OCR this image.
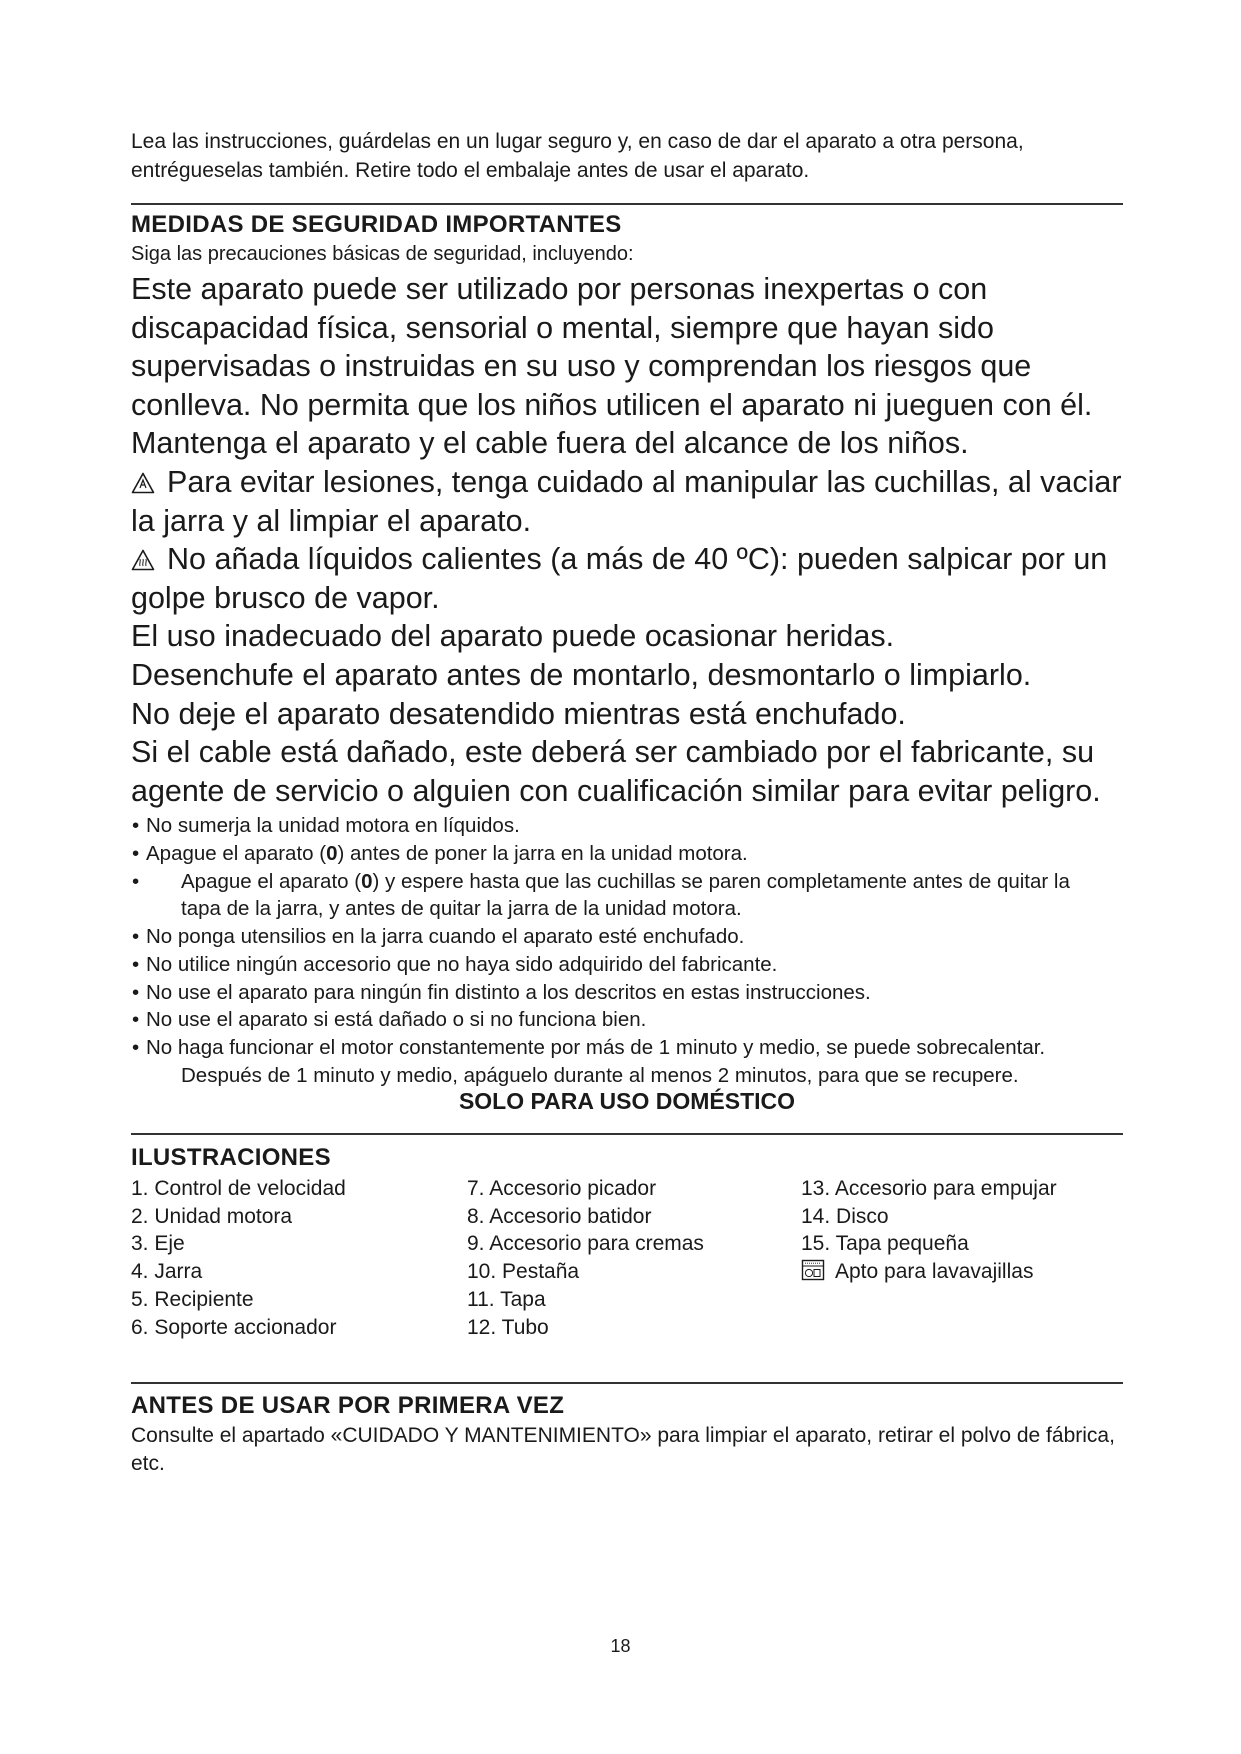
Lea las instrucciones, guárdelas en un lugar seguro y, en caso de dar el aparato a otra persona,
entrégueselas también. Retire todo el embalaje antes de usar el aparato.
MEDIDAS DE SEGURIDAD IMPORTANTES
Siga las precauciones básicas de seguridad, incluyendo:

Este aparato puede ser utilizado por personas inexpertas o con discapacidad física, sensorial o mental, siempre que hayan sido supervisadas o instruidas en su uso y comprendan los riesgos que conlleva. No permita que los niños utilicen el aparato ni jueguen con él. Mantenga el aparato y el cable fuera del alcance de los niños.

Para evitar lesiones, tenga cuidado al manipular las cuchillas, al vaciar la jarra y al limpiar el aparato.

No añada líquidos calientes (a más de 40 ºC): pueden salpicar por un golpe brusco de vapor.

El uso inadecuado del aparato puede ocasionar heridas.

Desenchufe el aparato antes de montarlo, desmontarlo o limpiarlo.

No deje el aparato desatendido mientras está enchufado.

Si el cable está dañado, este deberá ser cambiado por el fabricante, su agente de servicio o alguien con cualificación similar para evitar peligro.

• No sumerja la unidad motora en líquidos.
• Apague el aparato (0) antes de poner la jarra en la unidad motora.
• Apague el aparato (0) y espere hasta que las cuchillas se paren completamente antes de quitar la
tapa de la jarra, y antes de quitar la jarra de la unidad motora.
• No ponga utensilios en la jarra cuando el aparato esté enchufado.
• No utilice ningún accesorio que no haya sido adquirido del fabricante.
• No use el aparato para ningún fin distinto a los descritos en estas instrucciones.
• No use el aparato si está dañado o si no funciona bien.
• No haga funcionar el motor constantemente por más de 1 minuto y medio, se puede sobrecalentar.
Después de 1 minuto y medio, apáguelo durante al menos 2 minutos, para que se recupere.
SOLO PARA USO DOMÉSTICO
ILUSTRACIONES
1. Control de velocidad
2. Unidad motora
3. Eje
4. Jarra
5. Recipiente
6. Soporte accionador
7. Accesorio picador
8. Accesorio batidor
9. Accesorio para cremas
10. Pestaña
11. Tapa
12. Tubo
13. Accesorio para empujar
14. Disco
15. Tapa pequeña
Apto para lavavajillas
ANTES DE USAR POR PRIMERA VEZ
Consulte el apartado «CUIDADO Y MANTENIMIENTO» para limpiar el aparato, retirar el polvo de fábrica,
etc.
18
